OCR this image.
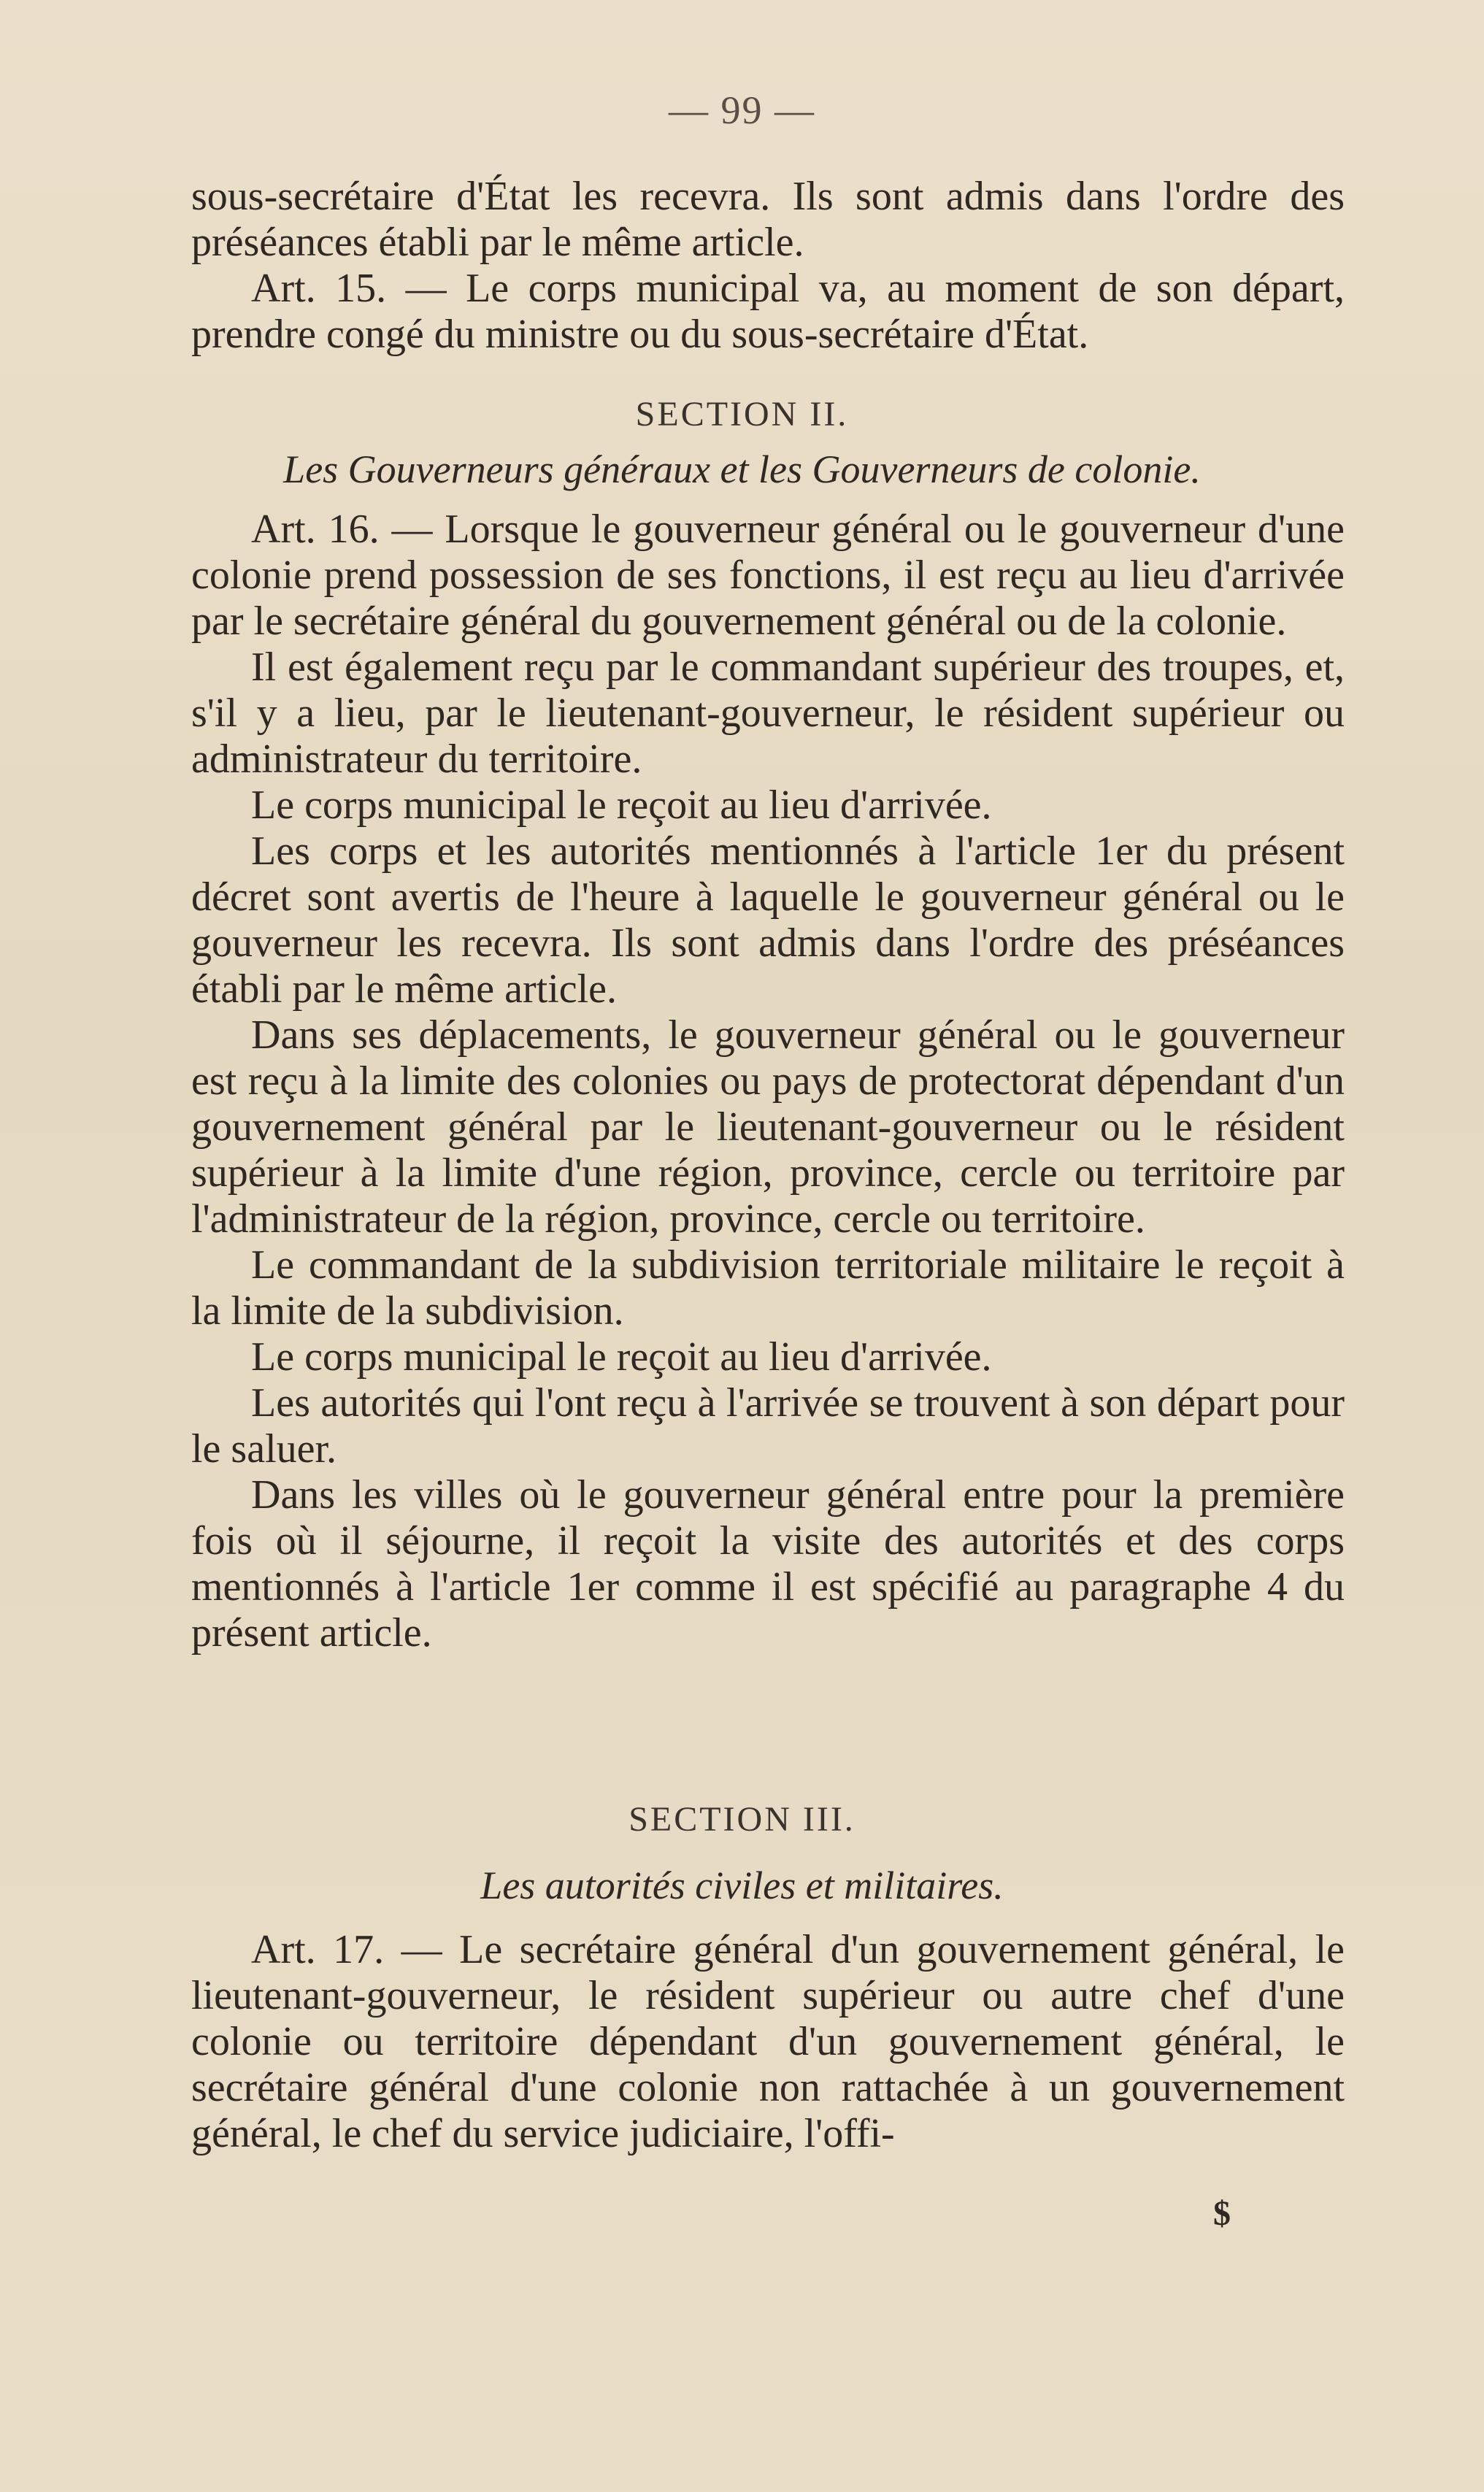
— 99 —

sous-secrétaire d'État les recevra. Ils sont admis dans l'ordre des préséances établi par le même article.

Art. 15. — Le corps municipal va, au moment de son départ, prendre congé du ministre ou du sous-secrétaire d'État.

SECTION II.
Les Gouverneurs généraux et les Gouverneurs de colonie.

Art. 16. — Lorsque le gouverneur général ou le gouverneur d'une colonie prend possession de ses fonctions, il est reçu au lieu d'arrivée par le secrétaire général du gouvernement général ou de la colonie.

Il est également reçu par le commandant supérieur des troupes, et, s'il y a lieu, par le lieutenant-gouverneur, le résident supérieur ou administrateur du territoire.

Le corps municipal le reçoit au lieu d'arrivée.

Les corps et les autorités mentionnés à l'article 1er du présent décret sont avertis de l'heure à laquelle le gouverneur général ou le gouverneur les recevra. Ils sont admis dans l'ordre des préséances établi par le même article.

Dans ses déplacements, le gouverneur général ou le gouverneur est reçu à la limite des colonies ou pays de protectorat dépendant d'un gouvernement général par le lieutenant-gouverneur ou le résident supérieur à la limite d'une région, province, cercle ou territoire par l'administrateur de la région, province, cercle ou territoire.

Le commandant de la subdivision territoriale militaire le reçoit à la limite de la subdivision.

Le corps municipal le reçoit au lieu d'arrivée.

Les autorités qui l'ont reçu à l'arrivée se trouvent à son départ pour le saluer.

Dans les villes où le gouverneur général entre pour la première fois où il séjourne, il reçoit la visite des autorités et des corps mentionnés à l'article 1er comme il est spécifié au paragraphe 4 du présent article.

SECTION III.
Les autorités civiles et militaires.

Art. 17. — Le secrétaire général d'un gouvernement général, le lieutenant-gouverneur, le résident supérieur ou autre chef d'une colonie ou territoire dépendant d'un gouvernement général, le secrétaire général d'une colonie non rattachée à un gouvernement général, le chef du service judiciaire, l'offi-

$
